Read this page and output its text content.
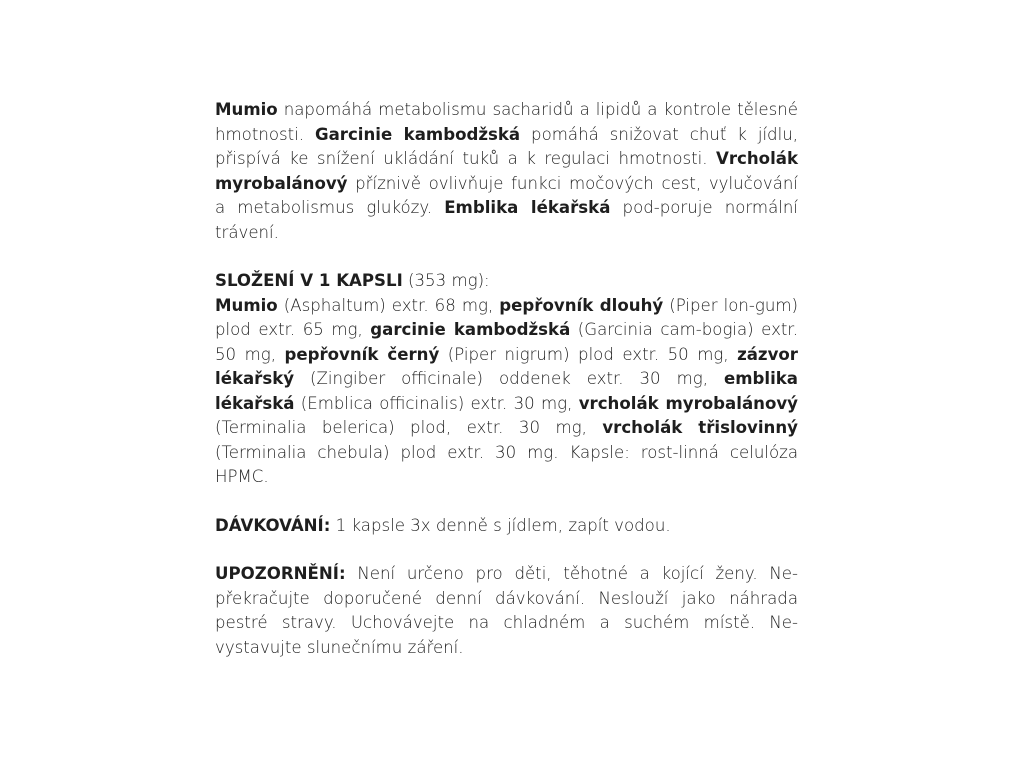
Mumio napomáhá metabolismu sacharidů a lipidů a kontrole tělesné hmotnosti. Garcinie kambodžská pomáhá snižovat chuť k jídlu, přispívá ke snížení ukládání tuků a k regulaci hmotnosti. Vrcholák myrobalánový příznivě ovlivňuje funkci močových cest, vylučování a metabolismus glukózy. Emblika lékařská pod-poruje normální trávení.

SLOŽENÍ V 1 KAPSLI (353 mg):

Mumio (Asphaltum) extr. 68 mg, pepřovník dlouhý (Piper lon-gum) plod extr. 65 mg, garcinie kambodžská (Garcinia cam-bogia) extr. 50 mg, pepřovník černý (Piper nigrum) plod extr. 50 mg, zázvor lékařský (Zingiber officinale) oddenek extr. 30 mg, emblika lékařská (Emblica officinalis) extr. 30 mg, vrcholák myrobalánový (Terminalia belerica) plod, extr. 30 mg, vrcholák třislovinný (Terminalia chebula) plod extr. 30 mg. Kapsle: rost-linná celulóza HPMC.

DÁVKOVÁNÍ: 1 kapsle 3x denně s jídlem, zapít vodou.

UPOZORNĚNÍ: Není určeno pro děti, těhotné a kojící ženy. Ne-překračujte doporučené denní dávkování. Neslouží jako náhrada pestré stravy. Uchovávejte na chladném a suchém místě. Ne-vystavujte slunečnímu záření.
